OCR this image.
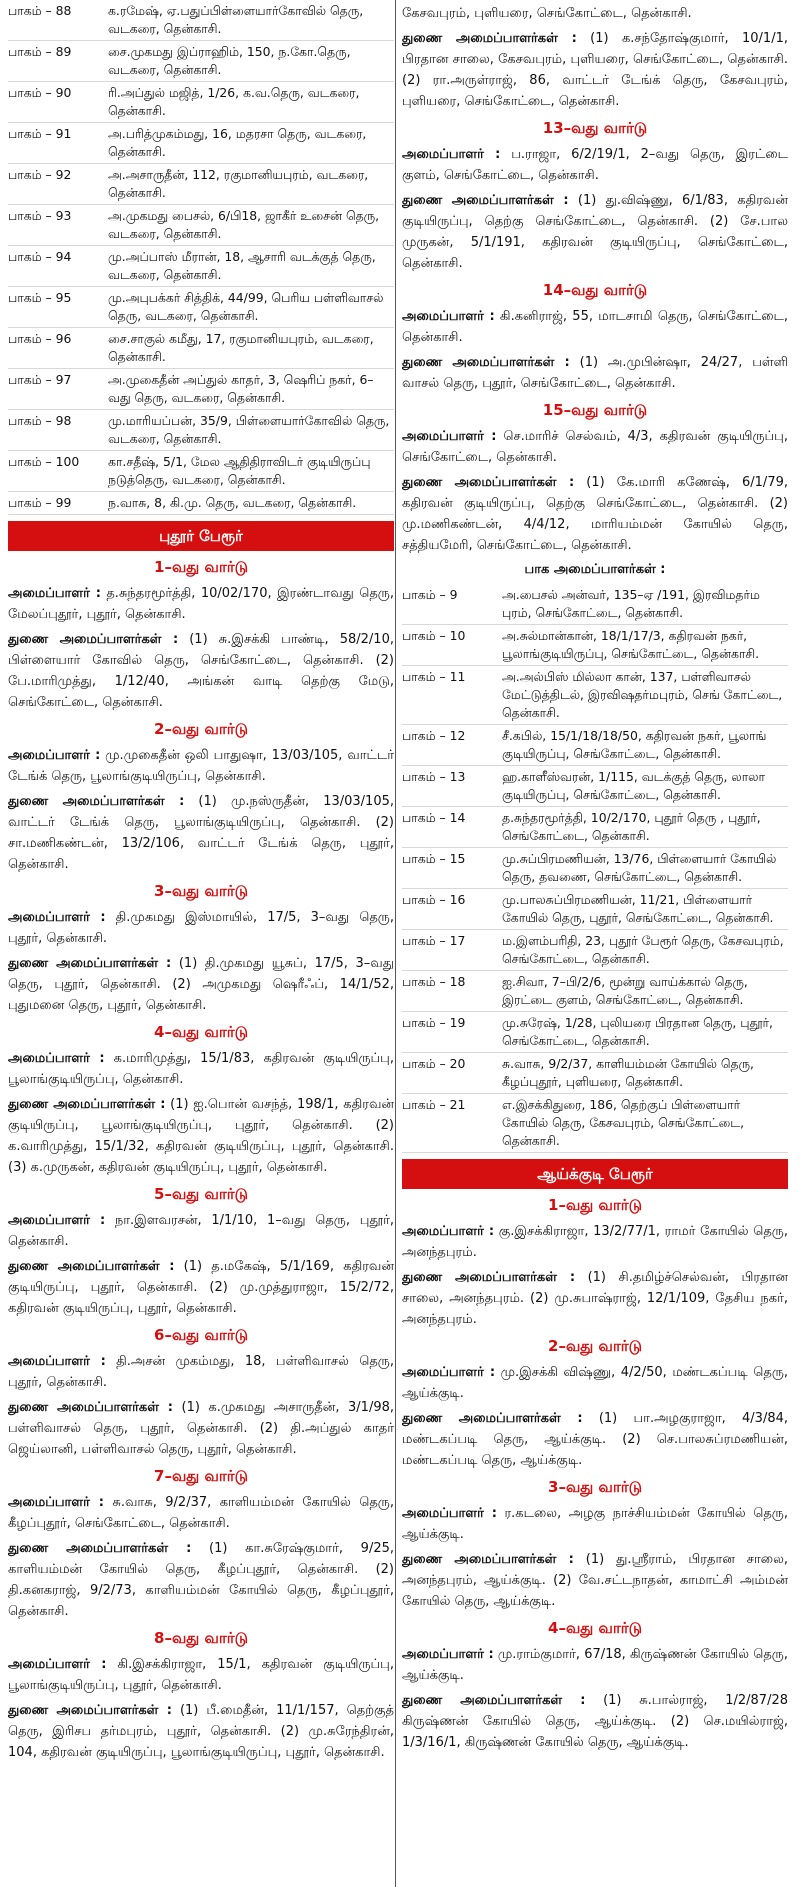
பாகம் – 88	க.ரமேஷ், ஏ.பதுப்பிள்ளையார்கோவில் தெரு, வடகரை, தென்காசி.
பாகம் – 89	சை.முகமது இப்ராஹிம், 150, ந.கோ.தெரு, வடகரை, தென்காசி.
பாகம் – 90	ரி.அப்துல் மஜித், 1/26, க.வ.தெரு, வடகரை, தென்காசி.
பாகம் – 91	அ.பரித்முகம்மது, 16, மதரசா தெரு, வடகரை, தென்காசி.
பாகம் – 92	அ.அசாருதீன், 112, ரகுமானியபுரம், வடகரை, தென்காசி.
பாகம் – 93	அ.முகமது பைசல், 6/பி18, ஜாகீர் உசைன் தெரு, வடகரை, தென்காசி.
பாகம் – 94	மு.அப்பாஸ் மீரான், 18, ஆசாரி வடக்குத் தெரு, வடகரை, தென்காசி.
பாகம் – 95	மு.அபுபக்கர் சித்திக், 44/99, பெரிய பள்ளிவாசல் தெரு, வடகரை, தென்காசி.
பாகம் – 96	சை.சாகுல் கமீது, 17, ரகுமானியபுரம், வடகரை, தென்காசி.
பாகம் – 97	அ.முகைதீன் அப்துல் காதர், 3, ஷெரிப் நகர், 6–வது தெரு, வடகரை, தென்காசி.
பாகம் – 98	மு.மாரியப்பன், 35/9, பிள்ளையார்கோவில் தெரு, வடகரை, தென்காசி.
பாகம் – 100	கா.சதீஷ், 5/1, மேல ஆதிதிராவிடர் குடியிருப்பு நடுத்தெரு, வடகரை, தென்காசி.
பாகம் – 99	ந.வாசு, 8, கி.மு. தெரு, வடகரை, தென்காசி.
புதூர் பேரூர்
1–வது வார்டு
அமைப்பாளர் : த.சுந்தரமூர்த்தி, 10/02/170, இரண்டாவது தெரு, மேலப்புதூர், புதூர், தென்காசி.
துணை அமைப்பாளர்கள் : (1) சு.இசக்கி பாண்டி, 58/2/10, பிள்ளையார் கோவில் தெரு, செங்கோட்டை, தென்காசி. (2) பே.மாரிமுத்து, 1/12/40, அங்கன் வாடி தெற்கு மேடு, செங்கோட்டை, தென்காசி.
2–வது வார்டு
அமைப்பாளர் : மு.முகைதீன் ஒலி பாதுஷா, 13/03/105, வாட்டர் டேங்க் தெரு, பூலாங்குடியிருப்பு, தென்காசி.
துணை அமைப்பாளர்கள் : (1) மு.நஸ்ருதீன், 13/03/105, வாட்டர் டேங்க் தெரு, பூலாங்குடியிருப்பு, தென்காசி. (2) சா.மணிகண்டன், 13/2/106, வாட்டர் டேங்க் தெரு, புதூர், தென்காசி.
3–வது வார்டு
அமைப்பாளர் : தி.முகமது இஸ்மாயில், 17/5, 3–வது தெரு, புதூர், தென்காசி.
துணை அமைப்பாளர்கள் : (1) தி.முகமது யூசுப், 17/5, 3–வது தெரு, புதூர், தென்காசி. (2) அமுகமது ஷெரீஃப், 14/1/52, புதுமனை தெரு, புதூர், தென்காசி.
4–வது வார்டு
அமைப்பாளர் : க.மாரிமுத்து, 15/1/83, கதிரவன் குடியிருப்பு, பூலாங்குடியிருப்பு, தென்காசி.
துணை அமைப்பாளர்கள் : (1) ஐ.பொன் வசந்த், 198/1, கதிரவன் குடியிருப்பு, பூலாங்குடியிருப்பு, புதூர், தென்காசி. (2) க.வாரிமுத்து, 15/1/32, கதிரவன் குடியிருப்பு, புதூர், தென்காசி. (3) க.முருகன், கதிரவன் குடியிருப்பு, புதூர், தென்காசி.
5–வது வார்டு
அமைப்பாளர் : நா.இளவரசன், 1/1/10, 1–வது தெரு, புதூர், தென்காசி.
துணை அமைப்பாளர்கள் : (1) த.மகேஷ், 5/1/169, கதிரவன் குடியிருப்பு, புதூர், தென்காசி. (2) மு.முத்துராஜா, 15/2/72, கதிரவன் குடியிருப்பு, புதூர், தென்காசி.
6–வது வார்டு
அமைப்பாளர் : தி.அசன் முகம்மது, 18, பள்ளிவாசல் தெரு, புதூர், தென்காசி.
துணை அமைப்பாளர்கள் : (1) க.முகமது அசாருதீன், 3/1/98, பள்ளிவாசல் தெரு, புதூர், தென்காசி. (2) தி.அப்துல் காதர் ஜெய்லானி, பள்ளிவாசல் தெரு, புதூர், தென்காசி.
7–வது வார்டு
அமைப்பாளர் : சு.வாசு, 9/2/37, காளியம்மன் கோயில் தெரு, கீழப்புதூர், செங்கோட்டை, தென்காசி.
துணை அமைப்பாளர்கள் : (1) கா.சுரேஷ்குமார், 9/25, காளியம்மன் கோயில் தெரு, கீழப்புதூர், தென்காசி. (2) தி.கனகராஜ், 9/2/73, காளியம்மன் கோயில் தெரு, கீழப்புதூர், தென்காசி.
8–வது வார்டு
அமைப்பாளர் : கி.இசக்கிராஜா, 15/1, கதிரவன் குடியிருப்பு, பூலாங்குடியிருப்பு, புதூர், தென்காசி.
துணை அமைப்பாளர்கள் : (1) பீ.மைதீன், 11/1/157, தெற்குத் தெரு, இரிசப தர்மபுரம், புதூர், தென்காசி. (2) மு.சுரேந்திரன், 104, கதிரவன் குடியிருப்பு, பூலாங்குடியிருப்பு, புதூர், தென்காசி.
கேசவபுரம், புளியரை, செங்கோட்டை, தென்காசி.
துணை அமைப்பாளர்கள் : (1) க.சந்தோஷ்குமார், 10/1/1, பிரதான சாலை, கேசவபுரம், புளியரை, செங்கோட்டை, தென்காசி. (2) ரா.அருள்ராஜ், 86, வாட்டர் டேங்க் தெரு, கேசவபுரம், புளியரை, செங்கோட்டை, தென்காசி.
13–வது வார்டு
அமைப்பாளர் : ப.ராஜா, 6/2/19/1, 2–வது தெரு, இரட்டை குளம், செங்கோட்டை, தென்காசி.
துணை அமைப்பாளர்கள் : (1) து.விஷ்ணு, 6/1/83, கதிரவன் குடியிருப்பு, தெற்கு செங்கோட்டை, தென்காசி. (2) சே.பால முருகன், 5/1/191, கதிரவன் குடியிருப்பு, செங்கோட்டை, தென்காசி.
14–வது வார்டு
அமைப்பாளர் : கி.கனிராஜ், 55, மாடசாமி தெரு, செங்கோட்டை, தென்காசி.
துணை அமைப்பாளர்கள் : (1) அ.முபின்ஷா, 24/27, பள்ளி வாசல் தெரு, புதூர், செங்கோட்டை, தென்காசி.
15–வது வார்டு
அமைப்பாளர் : செ.மாரிச் செல்வம், 4/3, கதிரவன் குடியிருப்பு, செங்கோட்டை, தென்காசி.
துணை அமைப்பாளர்கள் : (1) கே.மாரி கணேஷ், 6/1/79, கதிரவன் குடியிருப்பு, தெற்கு செங்கோட்டை, தென்காசி. (2) மு.மணிகண்டன், 4/4/12, மாரியம்மன் கோயில் தெரு, சத்தியமேரி, செங்கோட்டை, தென்காசி.
பாக அமைப்பாளர்கள் :
பாகம் – 9	அ.பைசல் அன்வர், 135–ஏ /191, இரவிமதர்ம புரம், செங்கோட்டை, தென்காசி.
பாகம் – 10	அ.சுல்மான்கான், 18/1/17/3, கதிரவன் நகர், பூலாங்குடியிருப்பு, செங்கோட்டை, தென்காசி.
பாகம் – 11	அ.அல்பிஸ் மில்லா கான், 137, பள்ளிவாசல் மேட்டுத்திடல், இரவிஷதர்மபுரம், செங் கோட்டை, தென்காசி.
பாகம் – 12	சீ.கபில், 15/1/18/18/50, கதிரவன் நகர், பூலாங் குடியிருப்பு, செங்கோட்டை, தென்காசி.
பாகம் – 13	ஹ.காளீஸ்வரன், 1/115, வடக்குத் தெரு, லாலா குடியிருப்பு, செங்கோட்டை, தென்காசி.
பாகம் – 14	த.சுந்தரமூர்த்தி, 10/2/170, புதூர் தெரு , புதூர், செங்கோட்டை, தென்காசி.
பாகம் – 15	மு.சுப்பிரமணியன், 13/76, பிள்ளையார் கோயில் தெரு, தவணை, செங்கோட்டை, தென்காசி.
பாகம் – 16	மு.பாலசுப்பிரமணியன், 11/21, பிள்ளையார் கோயில் தெரு, புதூர், செங்கோட்டை, தென்காசி.
பாகம் – 17	ம.இளம்பரிதி, 23, புதூர் பேரூர் தெரு, கேசவபுரம், செங்கோட்டை, தென்காசி.
பாகம் – 18	ஐ.சிவா, 7–பி/2/6, மூன்று வாய்க்கால் தெரு, இரட்டை குளம், செங்கோட்டை, தென்காசி.
பாகம் – 19	மு.சுரேஷ், 1/28, புலியரை பிரதான தெரு, புதூர், செங்கோட்டை, தென்காசி.
பாகம் – 20	சு.வாசு, 9/2/37, காளியம்மன் கோயில் தெரு, கீழப்புதூர், புளியரை, தென்காசி.
பாகம் – 21	எ.இசக்கிதுரை, 186, தெற்குப் பிள்ளையார் கோயில் தெரு, கேசவபுரம், செங்கோட்டை, தென்காசி.
ஆய்க்குடி பேரூர்
1–வது வார்டு
அமைப்பாளர் : கு.இசக்கிராஜா, 13/2/77/1, ராமர் கோயில் தெரு, அனந்தபுரம்.
துணை அமைப்பாளர்கள் : (1) சி.தமிழ்ச்செல்வன், பிரதான சாலை, அனந்தபுரம். (2) மு.சுபாஷ்ராஜ், 12/1/109, தேசிய நகர், அனந்தபுரம்.
2–வது வார்டு
அமைப்பாளர் : மு.இசக்கி விஷ்ணு, 4/2/50, மண்டகப்படி தெரு, ஆய்க்குடி.
துணை அமைப்பாளர்கள் : (1) பா.அழகுராஜா, 4/3/84, மண்டகப்படி தெரு, ஆய்க்குடி. (2) செ.பாலசுப்ரமணியன், மண்டகப்படி தெரு, ஆய்க்குடி.
3–வது வார்டு
அமைப்பாளர் : ர.கடலை, அழகு நாச்சியம்மன் கோயில் தெரு, ஆய்க்குடி.
துணை அமைப்பாளர்கள் : (1) து.ஸ்ரீராம், பிரதான சாலை, அனந்தபுரம், ஆய்க்குடி. (2) வே.சட்டநாதன், காமாட்சி அம்மன் கோயில் தெரு, ஆய்க்குடி.
4–வது வார்டு
அமைப்பாளர் : மு.ராம்குமார், 67/18, கிருஷ்ணன் கோயில் தெரு, ஆய்க்குடி.
துணை அமைப்பாளர்கள் : (1) சு.பால்ராஜ், 1/2/87/28 கிருஷ்ணன் கோயில் தெரு, ஆய்க்குடி. (2) செ.மயில்ராஜ், 1/3/16/1, கிருஷ்ணன் கோயில் தெரு, ஆய்க்குடி.
